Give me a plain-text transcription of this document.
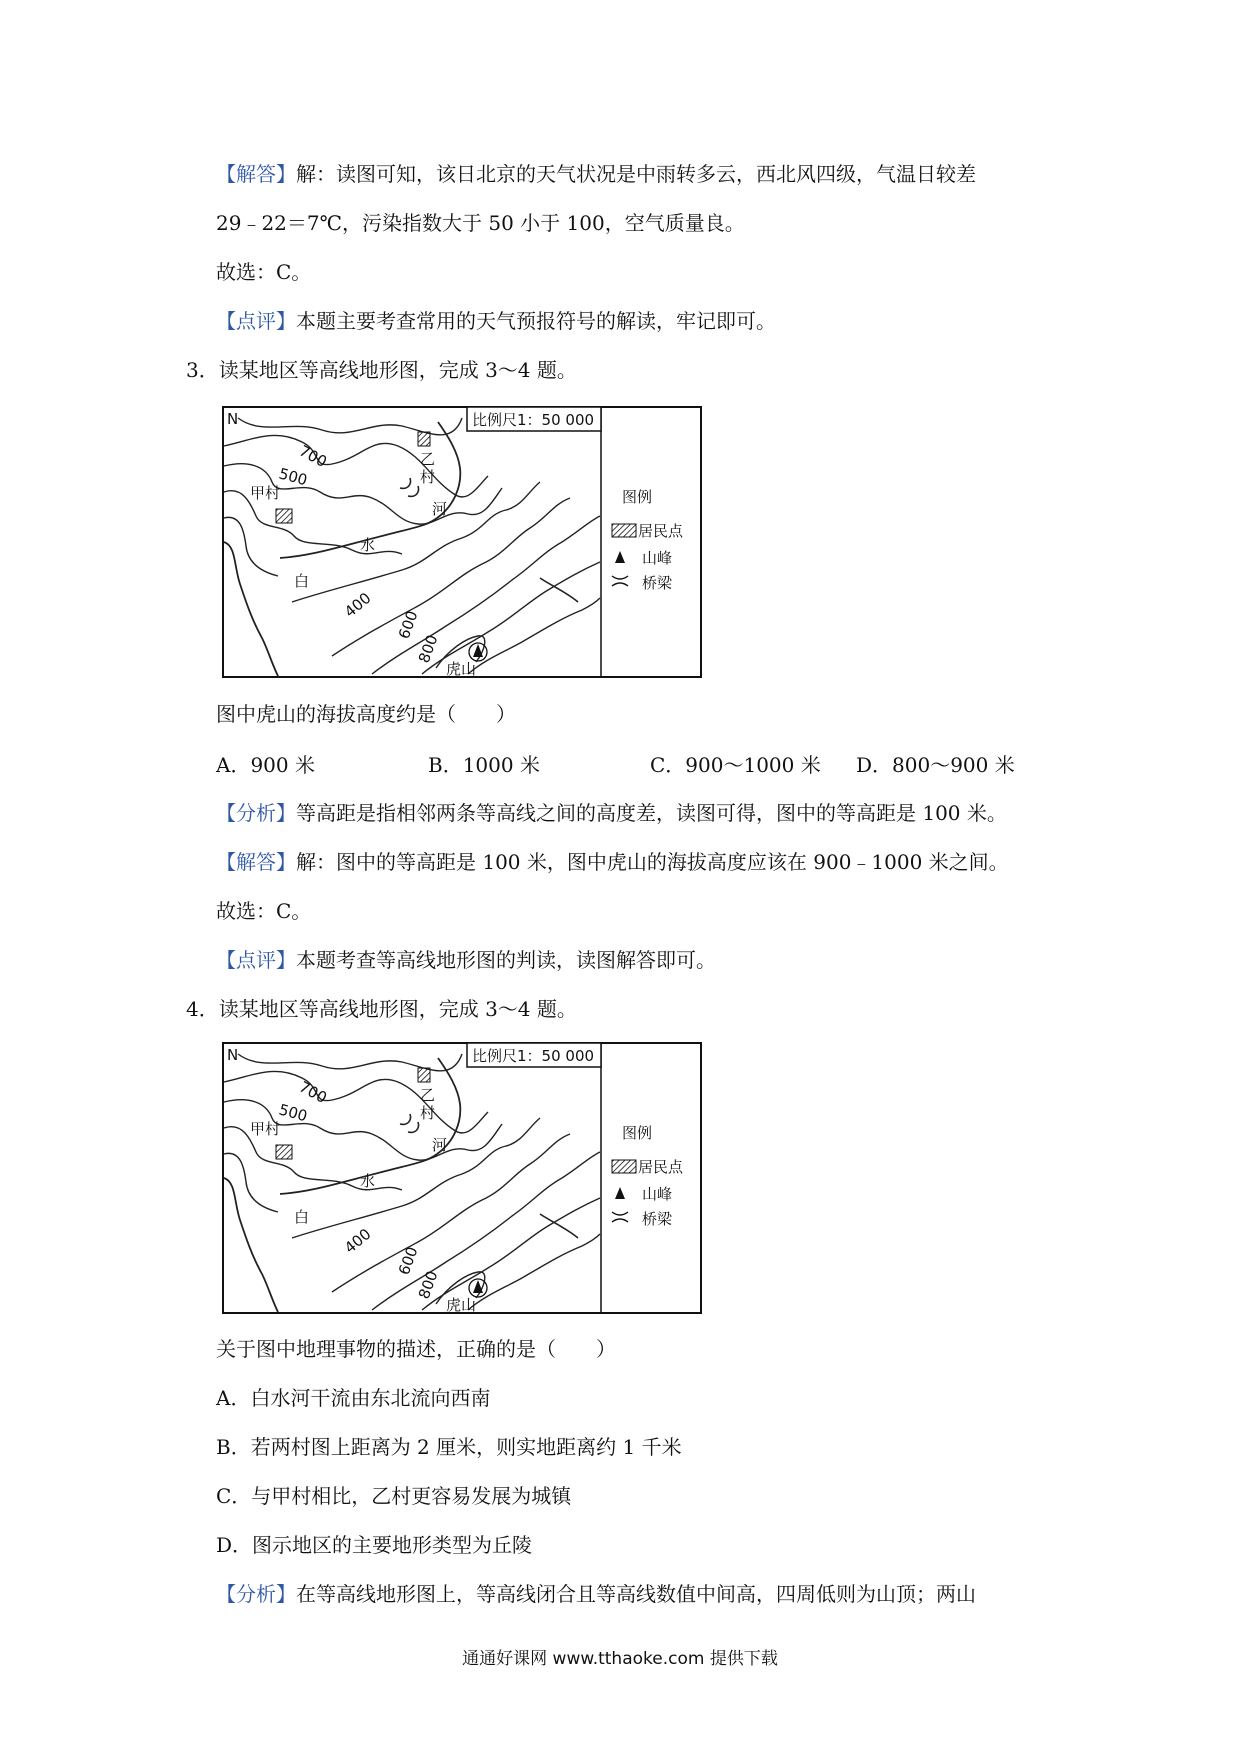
【解答】解：读图可知，该日北京的天气状况是中雨转多云，西北风四级，气温日较差
29﹣22＝7℃，污染指数大于 50 小于 100，空气质量良。
故选：C。
【点评】本题主要考查常用的天气预报符号的解读，牢记即可。
3．读某地区等高线地形图，完成 3～4 题。
比例尺1：50 000
N
甲村
乙
村
白
水
河
虎山
700
500
400
600
800
图例
居民点
山峰
桥梁
图中虎山的海拔高度约是（　　）
A．900 米	B．1000 米	C．900～1000 米 D．800～900 米
【分析】等高距是指相邻两条等高线之间的高度差，读图可得，图中的等高距是 100 米。
【解答】解：图中的等高距是 100 米，图中虎山的海拔高度应该在 900﹣1000 米之间。
故选：C。
【点评】本题考查等高线地形图的判读，读图解答即可。
4．读某地区等高线地形图，完成 3～4 题。
比例尺1：50 000
N
甲村
乙
村
白
水
河
虎山
700
500
400
600
800
图例
居民点
山峰
桥梁
关于图中地理事物的描述，正确的是（　　）
A．白水河干流由东北流向西南
B．若两村图上距离为 2 厘米，则实地距离约 1 千米
C．与甲村相比，乙村更容易发展为城镇
D．图示地区的主要地形类型为丘陵
【分析】在等高线地形图上，等高线闭合且等高线数值中间高，四周低则为山顶；两山
通通好课网 www.tthaoke.com 提供下载
